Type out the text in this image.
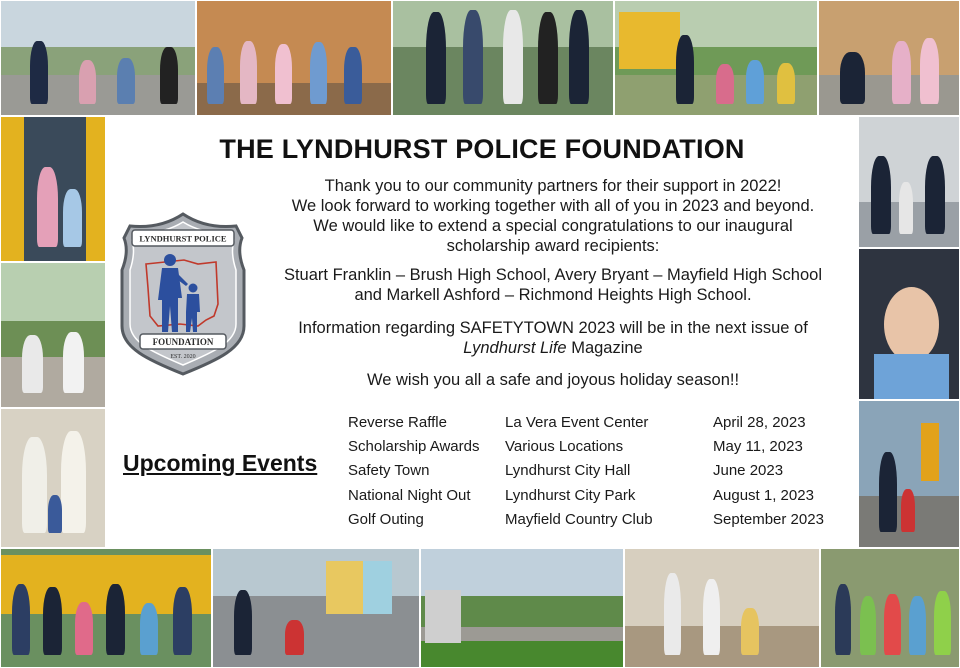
THE LYNDHURST POLICE FOUNDATION
LYNDHURST POLICE
FOUNDATION
EST. 2020
Thank you to our community partners for their support in 2022!
We look forward to working together with all of you in 2023 and beyond.
We would like to extend a special congratulations to our inaugural
scholarship award recipients:
Stuart Franklin – Brush High School, Avery Bryant – Mayfield High School
and Markell Ashford – Richmond Heights High School.
Information regarding SAFETYTOWN 2023 will be in the next issue of
Lyndhurst Life Magazine
We wish you all a safe and joyous holiday season!!
Upcoming Events
Reverse Raffle	La Vera Event Center	April 28, 2023
Scholarship Awards	Various Locations	May 11, 2023
Safety Town	Lyndhurst City Hall	June 2023
National Night Out	Lyndhurst City Park	August 1, 2023
Golf Outing	Mayfield Country Club	September 2023
